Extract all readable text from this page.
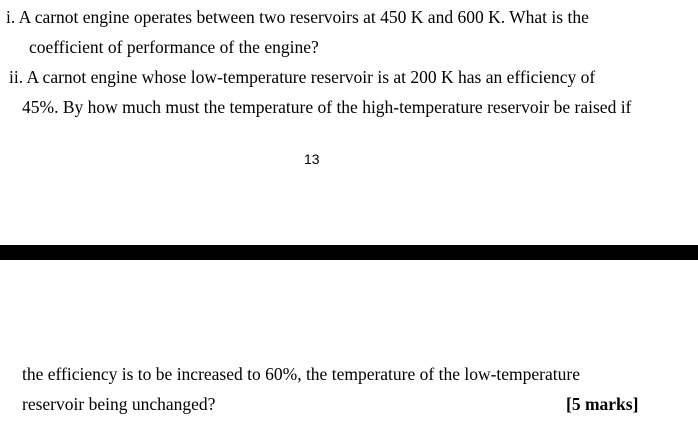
i. A carnot engine operates between two reservoirs at 450 K and 600 K. What is the
coefficient of performance of the engine?
ii. A carnot engine whose low-temperature reservoir is at 200 K has an efficiency of
45%. By how much must the temperature of the high-temperature reservoir be raised if
13
the efficiency is to be increased to 60%, the temperature of the low-temperature
reservoir being unchanged?	[5 marks]
